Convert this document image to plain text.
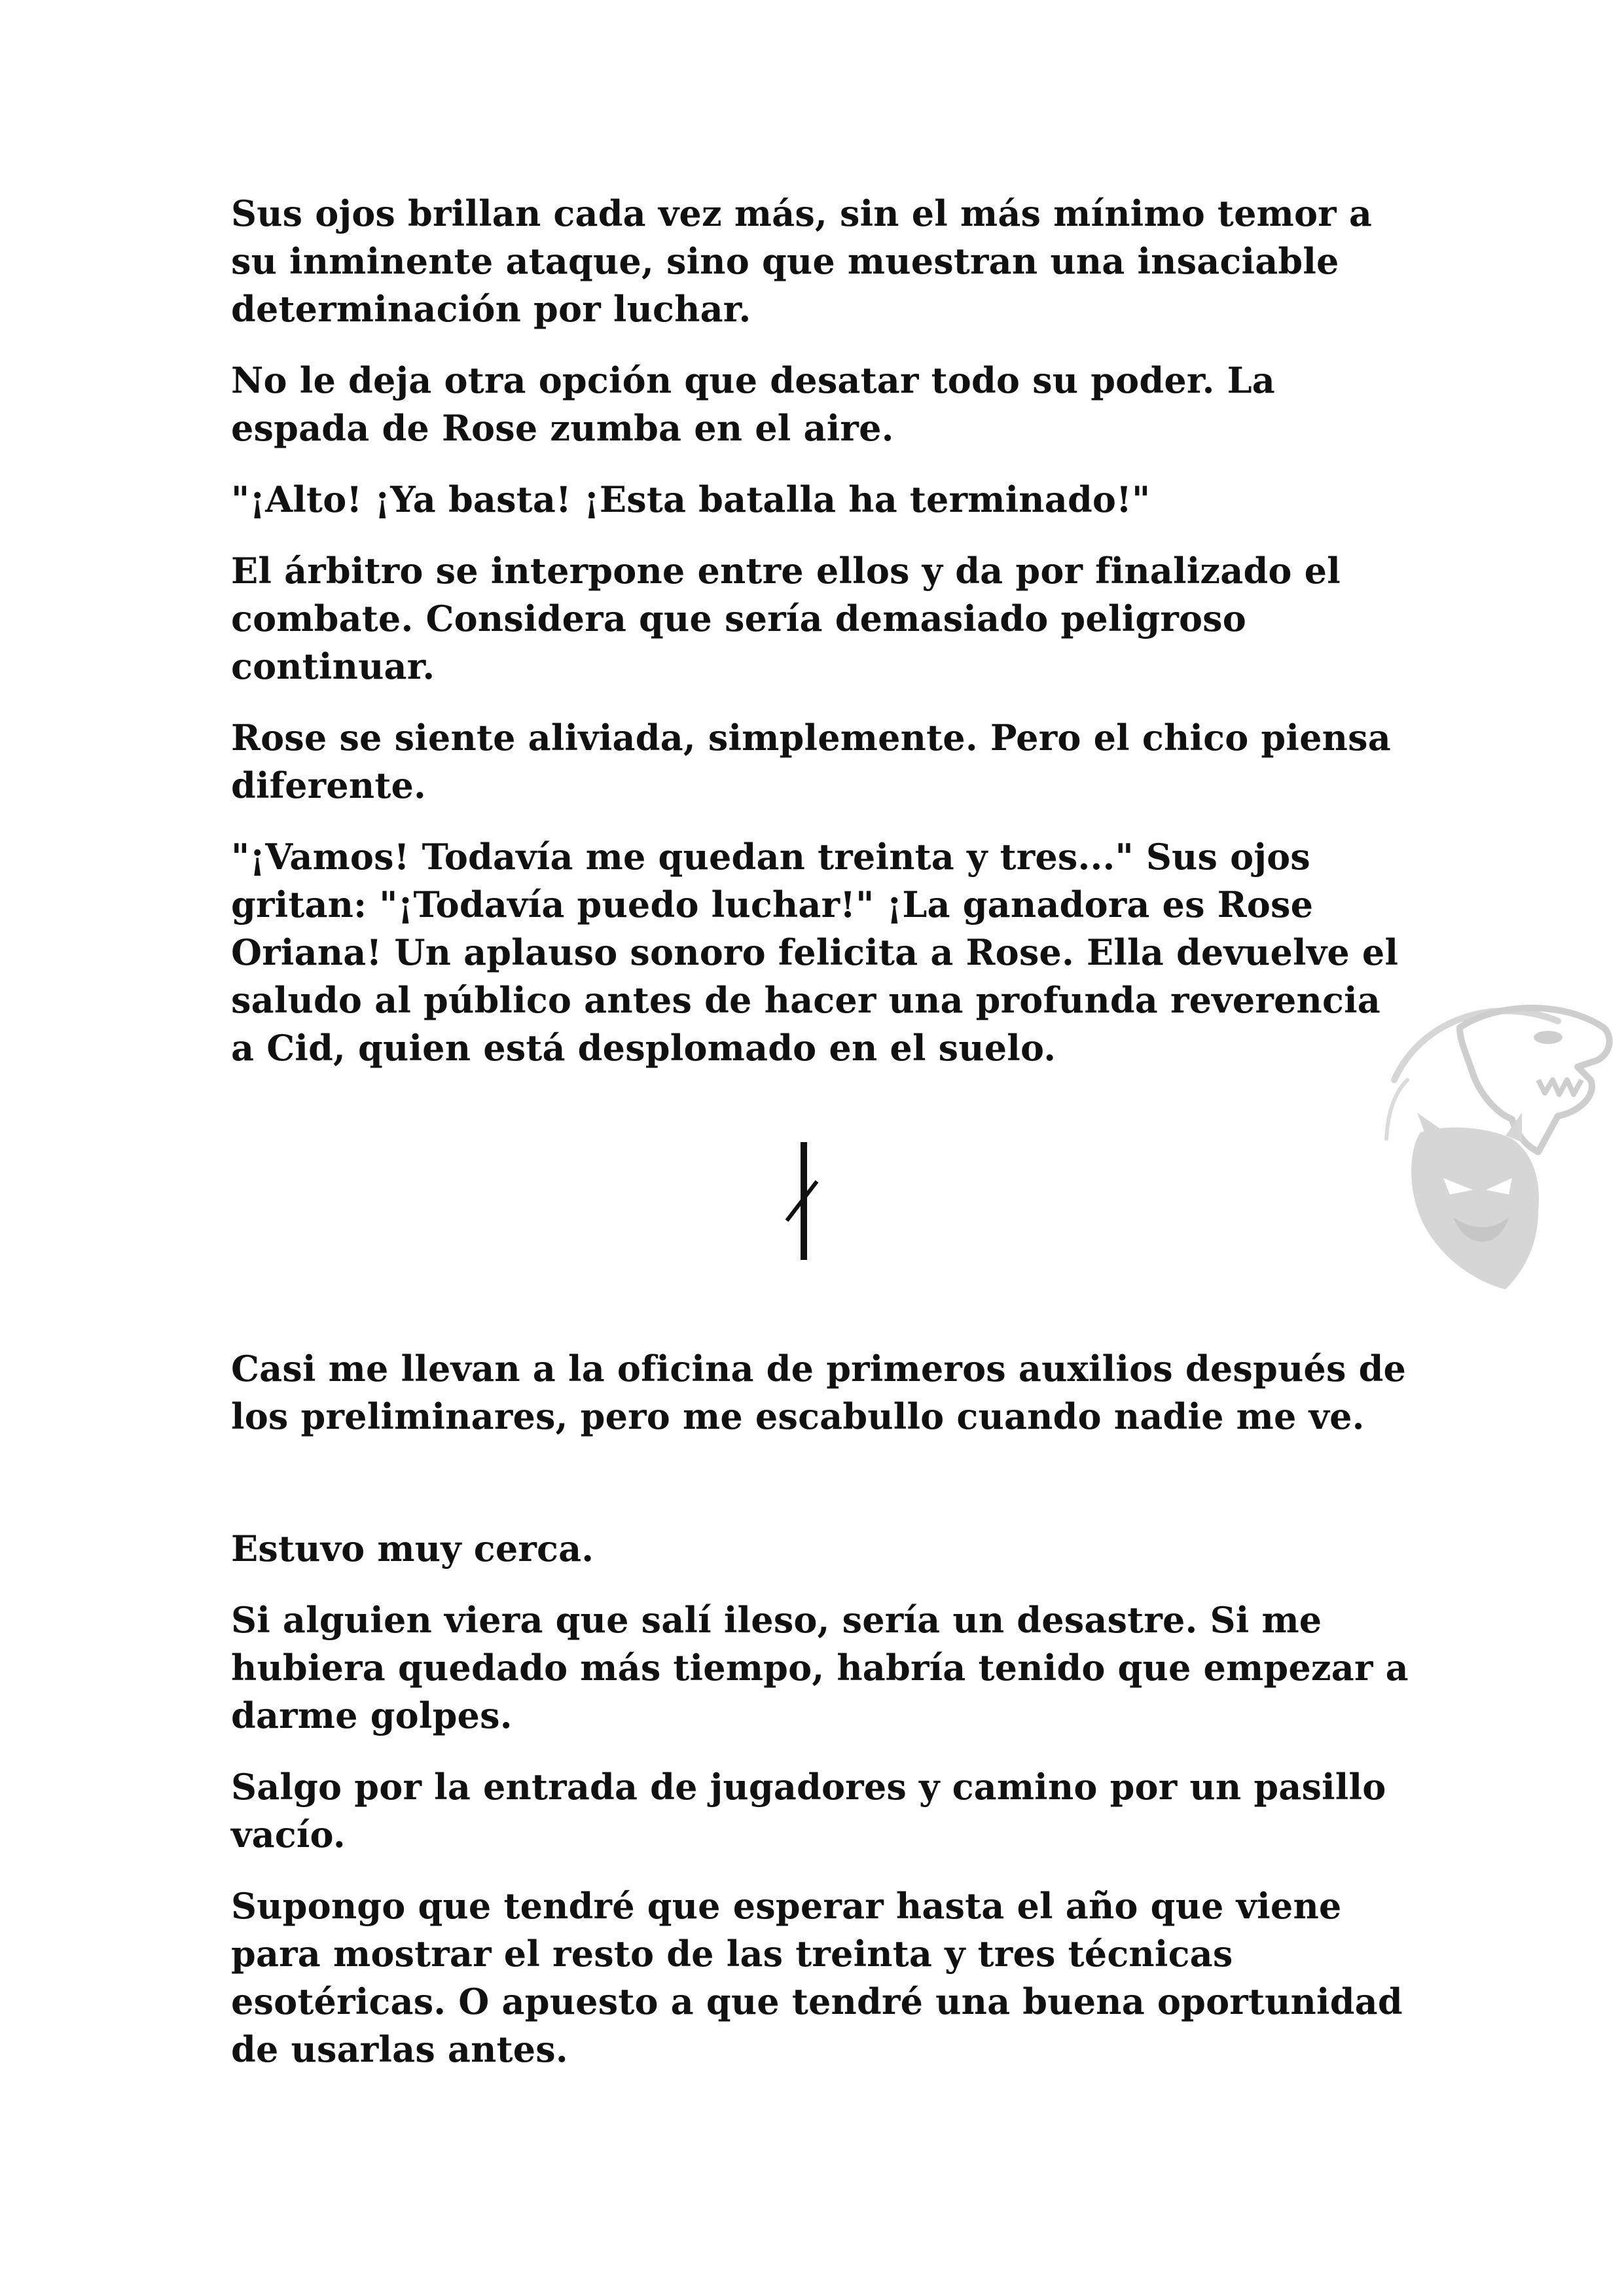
Sus ojos brillan cada vez más, sin el más mínimo temor a su inminente ataque, sino que muestran una insaciable determinación por luchar.

No le deja otra opción que desatar todo su poder. La espada de Rose zumba en el aire.

"¡Alto! ¡Ya basta! ¡Esta batalla ha terminado!"

El árbitro se interpone entre ellos y da por finalizado el combate. Considera que sería demasiado peligroso continuar.

Rose se siente aliviada, simplemente. Pero el chico piensa diferente.

"¡Vamos! Todavía me quedan treinta y tres..." Sus ojos gritan: "¡Todavía puedo luchar!" ¡La ganadora es Rose Oriana! Un aplauso sonoro felicita a Rose. Ella devuelve el saludo al público antes de hacer una profunda reverencia a Cid, quien está desplomado en el suelo.

Casi me llevan a la oficina de primeros auxilios después de los preliminares, pero me escabullo cuando nadie me ve.

Estuvo muy cerca.

Si alguien viera que salí ileso, sería un desastre. Si me hubiera quedado más tiempo, habría tenido que empezar a darme golpes.

Salgo por la entrada de jugadores y camino por un pasillo vacío.

Supongo que tendré que esperar hasta el año que viene para mostrar el resto de las treinta y tres técnicas esotéricas. O apuesto a que tendré una buena oportunidad de usarlas antes.
